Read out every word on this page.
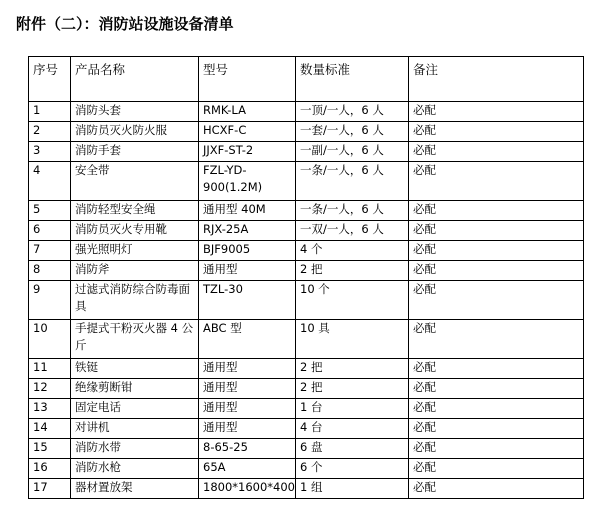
附件（二）：消防站设施设备清单
序号	产品名称	型号	数量标准	备注
1	消防头套	RMK-LA	一顶/一人，6 人	必配
2	消防员灭火防火服	HCXF-C	一套/一人，6 人	必配
3	消防手套	JJXF-ST-2	一副/一人，6 人	必配
4	安全带	FZL-YD-900(1.2M)	一条/一人，6 人	必配
5	消防轻型安全绳	通用型 40M	一条/一人，6 人	必配
6	消防员灭火专用靴	RJX-25A	一双/一人，6 人	必配
7	强光照明灯	BJF9005	4 个	必配
8	消防斧	通用型	2 把	必配
9	过滤式消防综合防毒面具	TZL-30	10 个	必配
10	手提式干粉灭火器 4 公斤	ABC 型	10 具	必配
11	铁铤	通用型	2 把	必配
12	绝缘剪断钳	通用型	2 把	必配
13	固定电话	通用型	1 台	必配
14	对讲机	通用型	4 台	必配
15	消防水带	8-65-25	6 盘	必配
16	消防水枪	65A	6 个	必配
17	器材置放架	1800*1600*400	1 组	必配
